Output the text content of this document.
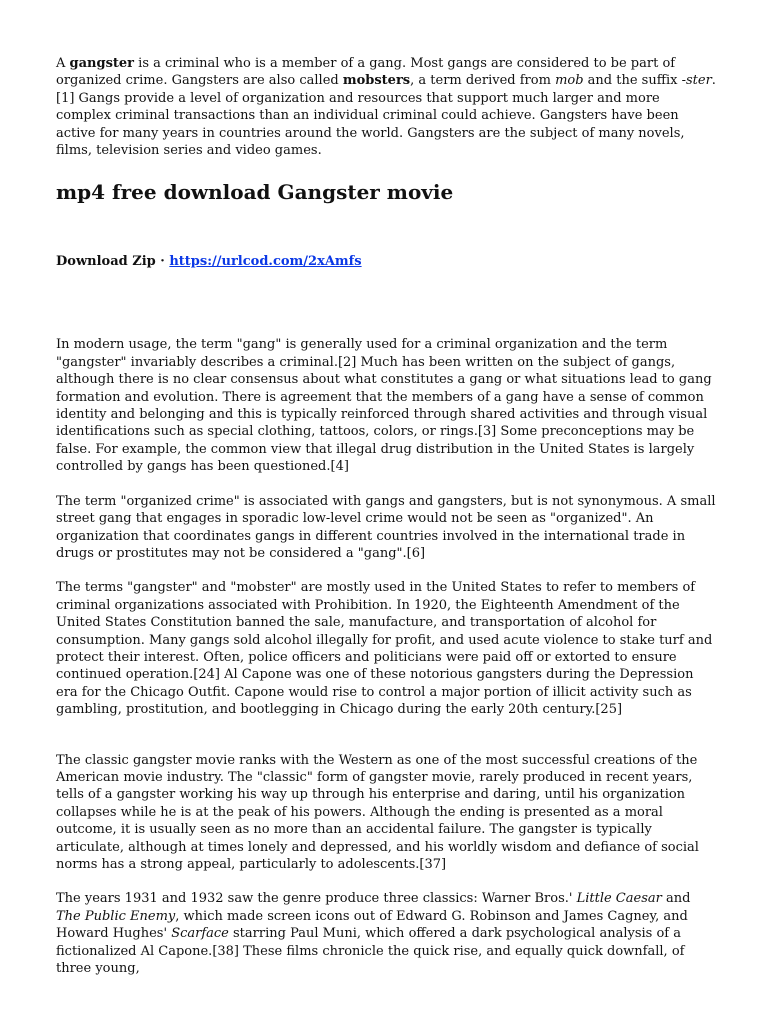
A gangster is a criminal who is a member of a gang. Most gangs are considered to be part of organized crime. Gangsters are also called mobsters, a term derived from mob and the suffix -ster.[1] Gangs provide a level of organization and resources that support much larger and more complex criminal transactions than an individual criminal could achieve. Gangsters have been active for many years in countries around the world. Gangsters are the subject of many novels, films, television series and video games.

mp4 free download Gangster movie

Download Zip · https://urlcod.com/2xAmfs

In modern usage, the term "gang" is generally used for a criminal organization and the term "gangster" invariably describes a criminal.[2] Much has been written on the subject of gangs, although there is no clear consensus about what constitutes a gang or what situations lead to gang formation and evolution. There is agreement that the members of a gang have a sense of common identity and belonging and this is typically reinforced through shared activities and through visual identifications such as special clothing, tattoos, colors, or rings.[3] Some preconceptions may be false. For example, the common view that illegal drug distribution in the United States is largely controlled by gangs has been questioned.[4]

The term "organized crime" is associated with gangs and gangsters, but is not synonymous. A small street gang that engages in sporadic low-level crime would not be seen as "organized". An organization that coordinates gangs in different countries involved in the international trade in drugs or prostitutes may not be considered a "gang".[6]

The terms "gangster" and "mobster" are mostly used in the United States to refer to members of criminal organizations associated with Prohibition. In 1920, the Eighteenth Amendment of the United States Constitution banned the sale, manufacture, and transportation of alcohol for consumption. Many gangs sold alcohol illegally for profit, and used acute violence to stake turf and protect their interest. Often, police officers and politicians were paid off or extorted to ensure continued operation.[24] Al Capone was one of these notorious gangsters during the Depression era for the Chicago Outfit. Capone would rise to control a major portion of illicit activity such as gambling, prostitution, and bootlegging in Chicago during the early 20th century.[25]

The classic gangster movie ranks with the Western as one of the most successful creations of the American movie industry. The "classic" form of gangster movie, rarely produced in recent years, tells of a gangster working his way up through his enterprise and daring, until his organization collapses while he is at the peak of his powers. Although the ending is presented as a moral outcome, it is usually seen as no more than an accidental failure. The gangster is typically articulate, although at times lonely and depressed, and his worldly wisdom and defiance of social norms has a strong appeal, particularly to adolescents.[37]

The years 1931 and 1932 saw the genre produce three classics: Warner Bros.' Little Caesar and The Public Enemy, which made screen icons out of Edward G. Robinson and James Cagney, and Howard Hughes' Scarface starring Paul Muni, which offered a dark psychological analysis of a fictionalized Al Capone.[38] These films chronicle the quick rise, and equally quick downfall, of three young,
